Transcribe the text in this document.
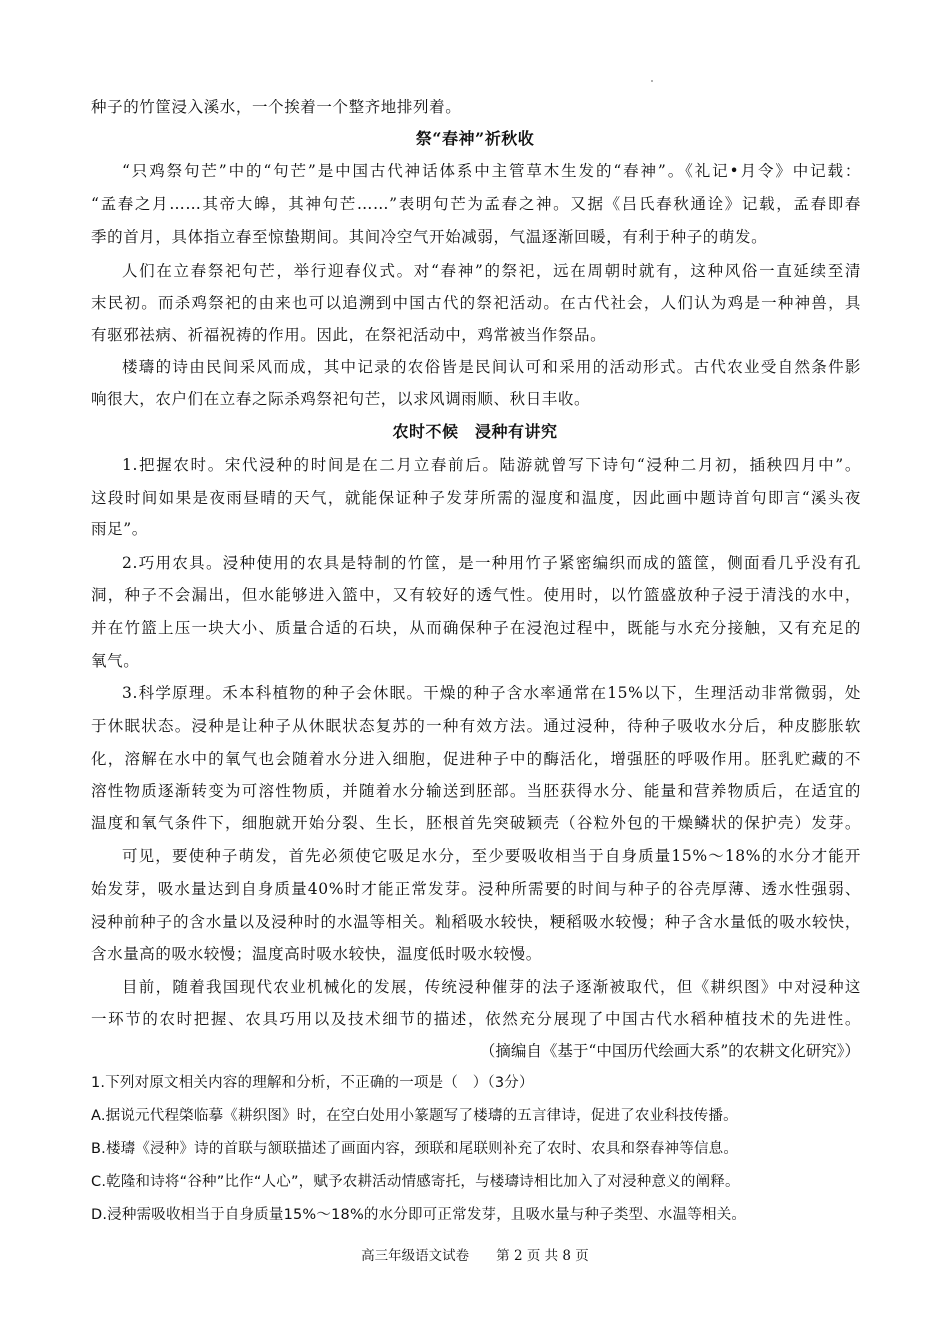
种子的竹筐浸入溪水，一个挨着一个整齐地排列着。
祭“春神”祈秋收
“只鸡祭句芒”中的“句芒”是中国古代神话体系中主管草木生发的“春神”。《礼记•月令》中记载：
“孟春之月……其帝大皞，其神句芒……”表明句芒为孟春之神。又据《吕氏春秋通诠》记载，孟春即春
季的首月，具体指立春至惊蛰期间。其间冷空气开始减弱，气温逐渐回暖，有利于种子的萌发。
人们在立春祭祀句芒，举行迎春仪式。对“春神”的祭祀，远在周朝时就有，这种风俗一直延续至清
末民初。而杀鸡祭祀的由来也可以追溯到中国古代的祭祀活动。在古代社会，人们认为鸡是一种神兽，具
有驱邪祛病、祈福祝祷的作用。因此，在祭祀活动中，鸡常被当作祭品。
楼璹的诗由民间采风而成，其中记录的农俗皆是民间认可和采用的活动形式。古代农业受自然条件影
响很大，农户们在立春之际杀鸡祭祀句芒，以求风调雨顺、秋日丰收。
农时不候　浸种有讲究
1.把握农时。宋代浸种的时间是在二月立春前后。陆游就曾写下诗句“浸种二月初，插秧四月中”。
这段时间如果是夜雨昼晴的天气，就能保证种子发芽所需的湿度和温度，因此画中题诗首句即言“溪头夜
雨足”。
2.巧用农具。浸种使用的农具是特制的竹筐，是一种用竹子紧密编织而成的篮筐，侧面看几乎没有孔
洞，种子不会漏出，但水能够进入篮中，又有较好的透气性。使用时，以竹篮盛放种子浸于清浅的水中，
并在竹篮上压一块大小、质量合适的石块，从而确保种子在浸泡过程中，既能与水充分接触，又有充足的
氧气。
3.科学原理。禾本科植物的种子会休眠。干燥的种子含水率通常在15%以下，生理活动非常微弱，处
于休眠状态。浸种是让种子从休眠状态复苏的一种有效方法。通过浸种，待种子吸收水分后，种皮膨胀软
化，溶解在水中的氧气也会随着水分进入细胞，促进种子中的酶活化，增强胚的呼吸作用。胚乳贮藏的不
溶性物质逐渐转变为可溶性物质，并随着水分输送到胚部。当胚获得水分、能量和营养物质后，在适宜的
温度和氧气条件下，细胞就开始分裂、生长，胚根首先突破颖壳（谷粒外包的干燥鳞状的保护壳）发芽。
可见，要使种子萌发，首先必须使它吸足水分，至少要吸收相当于自身质量15%～18%的水分才能开
始发芽，吸水量达到自身质量40%时才能正常发芽。浸种所需要的时间与种子的谷壳厚薄、透水性强弱、
浸种前种子的含水量以及浸种时的水温等相关。籼稻吸水较快，粳稻吸水较慢；种子含水量低的吸水较快，
含水量高的吸水较慢；温度高时吸水较快，温度低时吸水较慢。
目前，随着我国现代农业机械化的发展，传统浸种催芽的法子逐渐被取代，但《耕织图》中对浸种这
一环节的农时把握、农具巧用以及技术细节的描述，依然充分展现了中国古代水稻种植技术的先进性。
（摘编自《基于“中国历代绘画大系”的农耕文化研究》）
1.下列对原文相关内容的理解和分析，不正确的一项是（　）（3分）
A.据说元代程棨临摹《耕织图》时，在空白处用小篆题写了楼璹的五言律诗，促进了农业科技传播。
B.楼璹《浸种》诗的首联与颔联描述了画面内容，颈联和尾联则补充了农时、农具和祭春神等信息。
C.乾隆和诗将“谷种”比作“人心”，赋予农耕活动情感寄托，与楼璹诗相比加入了对浸种意义的阐释。
D.浸种需吸收相当于自身质量15%～18%的水分即可正常发芽，且吸水量与种子类型、水温等相关。
高三年级语文试卷　　第 2 页 共 8 页
